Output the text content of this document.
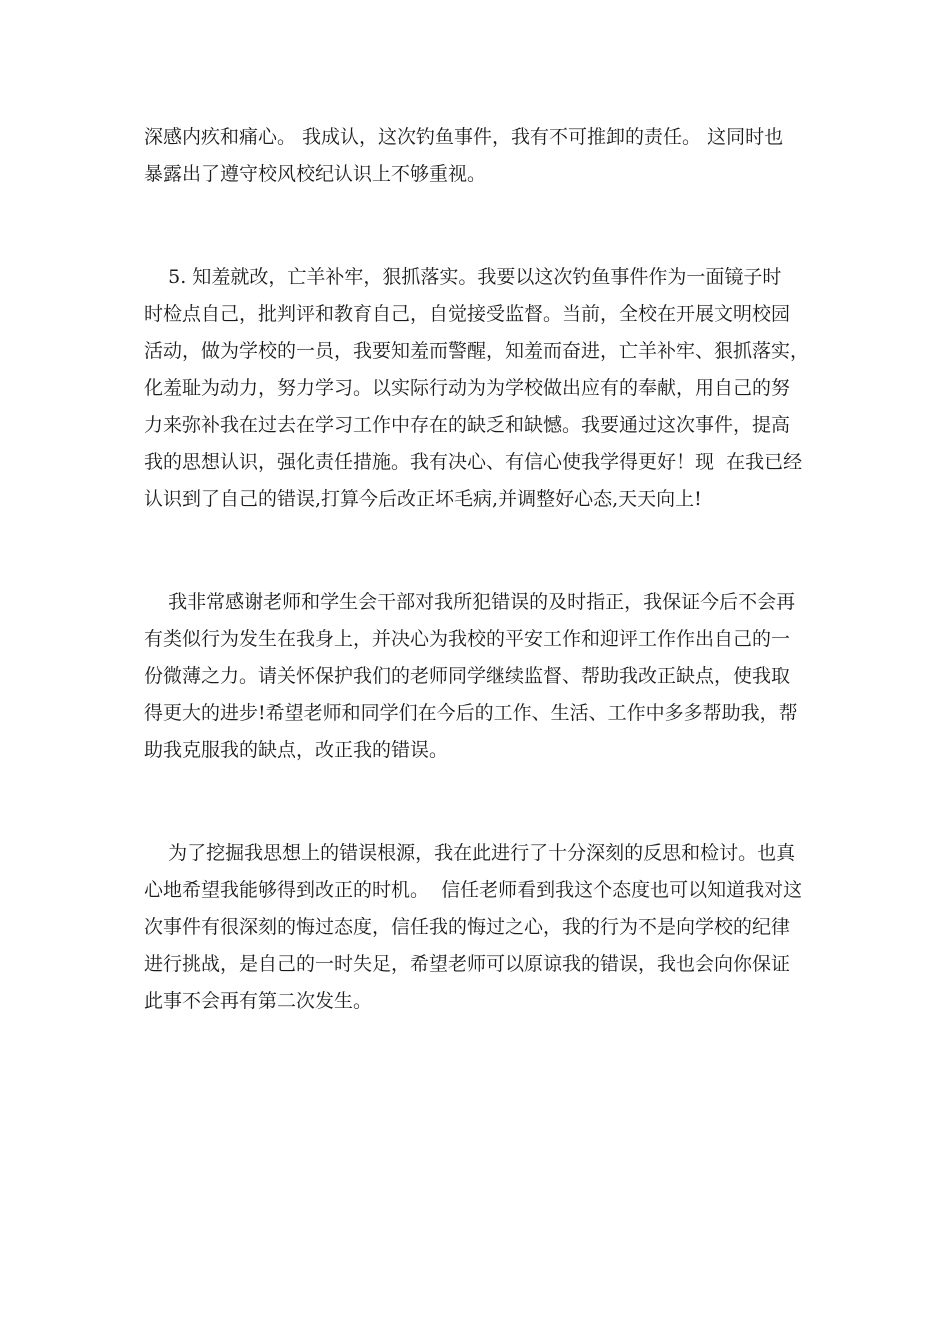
深感内疚和痛心。 我成认，这次钓鱼事件，我有不可推卸的责任。 这同时也
暴露出了遵守校风校纪认识上不够重视。
5. 知羞就改，亡羊补牢，狠抓落实。我要以这次钓鱼事件作为一面镜子时
时检点自己，批判评和教育自己，自觉接受监督。当前，全校在开展文明校园
活动，做为学校的一员，我要知羞而警醒，知羞而奋进，亡羊补牢、狠抓落实，
化羞耻为动力，努力学习。以实际行动为为学校做出应有的奉献，用自己的努
力来弥补我在过去在学习工作中存在的缺乏和缺憾。我要通过这次事件，提高
我的思想认识，强化责任措施。我有决心、有信心使我学得更好！现  在我已经
认识到了自己的错误,打算今后改正坏毛病,并调整好心态,天天向上!
我非常感谢老师和学生会干部对我所犯错误的及时指正，我保证今后不会再
有类似行为发生在我身上，并决心为我校的平安工作和迎评工作作出自己的一
份微薄之力。请关怀保护我们的老师同学继续监督、帮助我改正缺点，使我取
得更大的进步!希望老师和同学们在今后的工作、生活、工作中多多帮助我，帮
助我克服我的缺点，改正我的错误。
为了挖掘我思想上的错误根源，我在此进行了十分深刻的反思和检讨。也真
心地希望我能够得到改正的时机。  信任老师看到我这个态度也可以知道我对这
次事件有很深刻的悔过态度，信任我的悔过之心，我的行为不是向学校的纪律
进行挑战，是自己的一时失足，希望老师可以原谅我的错误，我也会向你保证
此事不会再有第二次发生。
